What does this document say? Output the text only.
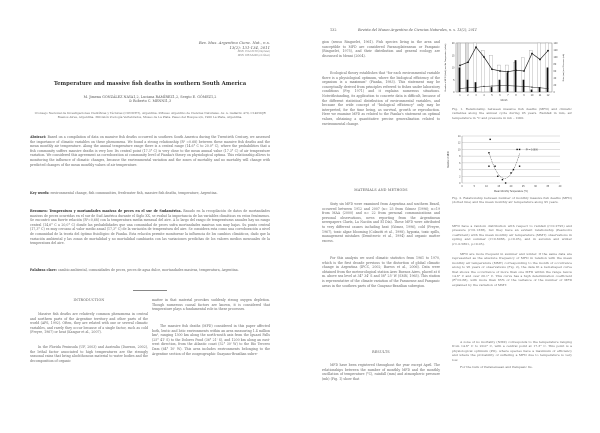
Rev. Mus. Argentino Cienc. Nat., n.s.
13(2): 131-134, 2011
ISSN 1514-5158 (impresa)
ISSN 1853-0400 (en línea)
Temperature and massive fish deaths in southern South America
M. Jimena GONZÁLEZ NAYA1,2, Luciana RAMÍREZ1,2, Sergio E. GÓMEZ1,2
& Roberto C. MENNI1,3
1Consejo Nacional de Investigaciones Científicas y Técnicas (CONICET), Argentina. 2Museo Argentino de Ciencias Naturales. Av. A. Gallardo 470, C1405DJR Buenos Aires, Argentina. 3División Zoología Vertebrados, Museo de La Plata. Paseo del Bosque s/n, 1900 La Plata, Argentina.
Abstract: Based on a compilation of data on massive fish deaths occurred in southern South America during the Twentieth Century, we assessed the importance of climatic variables on these phenomena. We found a strong relationship (R² =0.68) between these massive fish deaths and the mean monthly air temperature. Along the annual temperature range there is a central range (14.6° C to 20.0° C), where the probabilities that a fish community suffers massive deaths is very low. Its central point (17.3° C) is very close to the mean annual value (17.3° C) of air temperature variation. We considered this agreement as corroboration at community level of Pianka's theory on physiological optima. This relationship allows to monitoring the influence of climatic changes, because the environmental variation and the zones of mortality and no mortality will change with predicted changes of the mean monthly values of air temperature.
Key words: environmental change, fish communities, freshwater fish, massive fish deaths, temperature, Argentina.
Resumen: Temperatura y mortandades masivas de peces en el sur de Sudamérica. Basado en la recopilación de datos de mortandades masivas de peces ocurridas en el sur de Sud América durante el Siglo XX, se evaluó la importancia de las variables climáticas en estos fenómenos. Se encontró una fuerte relación (R²=0,68) con la temperatura media mensual del aire. A lo largo del rango de temperaturas anuales hay un rango central (14,6° C a 20,0° C) donde las probabilidades que una comunidad de peces sufra mortandades masivas son muy bajas. Su punto central (17,3° C) es muy cercano al valor medio anual (17,3° C) de la variación de temperatura del aire. Se considera esta como una corroboración a nivel de comunidad de la teoría del óptimo fisiológico de Pianka. Esta relación permite monitorear la influencia de los cambios climáticos, dado que la variación ambiental y las zonas de mortalidad y no mortalidad cambiarán con las variaciones predichas de los valores medios mensuales de la temperatura del aire.
Palabras clave: cambio ambiental, comunidades de peces, peces de agua dulce, mortandades masivas, temperatura, Argentina.
INTRODUCTION
Massive fish deaths are relatively common phenomena in central and northern parts of the Argentine territory and other parts of the world (APS, 1992). Often, they are related with one or several climatic variables, and rarely they occur because of a single factor, such as cold (Freyre, 1967) or heat (Kangur et al., 2007).
In the Florida Peninsula (UF, 2003) and Australia (Dawson, 2002), the lethal factor associated to high temperatures are the strongly seasonal rains that bring alochthonous material to water bodies and the decomposition of organic
matter in that material provokes suddenly strong oxygen depletion. Though numerous causal factors are known, it is considered that temperature plays a fundamental role in these processes.
The massive fish deaths (MFD) considered in this paper affected both, lentic and lotic environments within an area measuring 1.4 million km², ranging 1300 km along the north-south axis from the Iguazú Falls (25° 41' S) to the Dolores Pond (36° 21' S), and 1200 km along an east-west direction, from the Atlantic coast (52° 30' W) to the Río Tercero Dam (64° 10' W). This area includes environments belonging to the Argentine section of the zoogeographic Guayano-Brazilian subre-
132	Revista del Museo Argentino de Ciencias Naturales, n. s. 13(2), 2011
gion (sensu Ringuelet, 1961). Fish species living in the area and susceptible to MFD are considered Paranoplatensean or Pampasic (Ringuelet, 1975), and their distribution and general ecology are discussed in Menni (2004).
Ecological theory establishes that "for each environmental variable there is a physiological optimum, where the biological efficiency of the organism is a maximum" (Pianka, 1983). This statement may be conceptually derived from principles referred to fishes under laboratory conditions (Fry, 1971) and it explains numerous situations. Notwithstanding, its application to concrete data is difficult, because of the different statistical distribution of environmental variables, and because the wide concept of "biological efficiency" only may be interpreted, for the time being, as survival, growth or reproduction. Here we examine MFD as related to the Pianka's statement on optimal values, obtaining a quantitative precise generalization related to environmental change.
MATERIALS AND METHODS
Sixty six MFD were examined from Argentina and southern Brazil, occurred between 1912 and 2007 (n= 25 from Gómez (1996); n=19 from MAA (2000) and n= 22 from personal communications and personal observations, news reporting from the Argentinean newspapers Clarín, La Nación and El Día). These MFD were attributed to very different causes including heat (Gómez, 1996), cold (Freyre, 1967), toxic algae blooming (Colautti et al., 1998), hypoxia, toxic spills, management mistakes (Demitrovic et al., 1994) and organic matter excess.
For this analysis we used climatic statistics from 1961 to 1970, which is the first decade previous to the distortion of global climatic change in Argentina (IPCC, 2002; Barros et al., 2006). Data were obtained from the meteorological station Aero Buenos Aires, placed at 6 m. above sea level at 34° 34' S and 58° 25' W (SMN, 1965). This station is representative of the climate variation of the Paranense and Pampasic areas in the southern parts of the Guayano-Brazilian subregion.
RESULTS
MFD have been registered throughout the year except April. The relationships between the number of monthly MFD and the monthly oscillation of temperature (°C), rainfall (mm) and atmospheric pressure (mb) (Fig. 1) show that
0
5
10
15
20
0
20
40
60
80
100
120
140
1	2	3	4	5	6	7	8	9 10 11 12
Month
Number of MFD (black) and Air Temperature (white)	Rain (mm) and Pressure (mb)
Fig. 1. Relationship between massive fish deaths (MFD) and climatic variables along the annual cycle during 95 years. Rainfall in mm, air temperature in °C and pressure in mb – 1000.
0
2
4
6
8
10
12
14
0	5	10	15	20	25	30	35	40
R² = 0.6806
Mean Monthly Temperature (°C)
Number of MFD
Fig. 2. Relationship between number of monthly massive fish deaths (MFD) (dotted line) and the mean monthly air temperature along 95 years.
MFD have a random distribution with respect to rainfall (r=0.2795) and pressure (r=0.1338), but they have an evident relationship (Pearson's coefficient) with the mean monthly air temperature (MMT) observations in spring and summer (r=0.6066, p<0.05), and in autumn and winter (r=-0.5801, p<0.05).
MFD are more frequent in summer and winter. If the same data are represented as the absolute frequency of MFD in relation with the mean monthly air temperature (MMT) corresponding to the month of occurrence along to 95 years of observations (Fig. 2), the data fit a bell-shaped curve that shows the occurrence of more than one MFD within the range below 14.6° C and over 20.1° C. This curve has a high determination coefficient (R²=0.68), with more than 65% of the variance of the number of MFD explained by the variation of MMT.
A zone of no mortality (NMZ) corresponds to the temperature ranging from 14.6° C to 20.0° C, with a central point at 17.3° C. This point is a physiological optimum (PO), where species have a maximum of efficiency and where the probability of suffering a MFD due to temperature is very low.
For the bulk of Paranensean and Pampasic fis-
